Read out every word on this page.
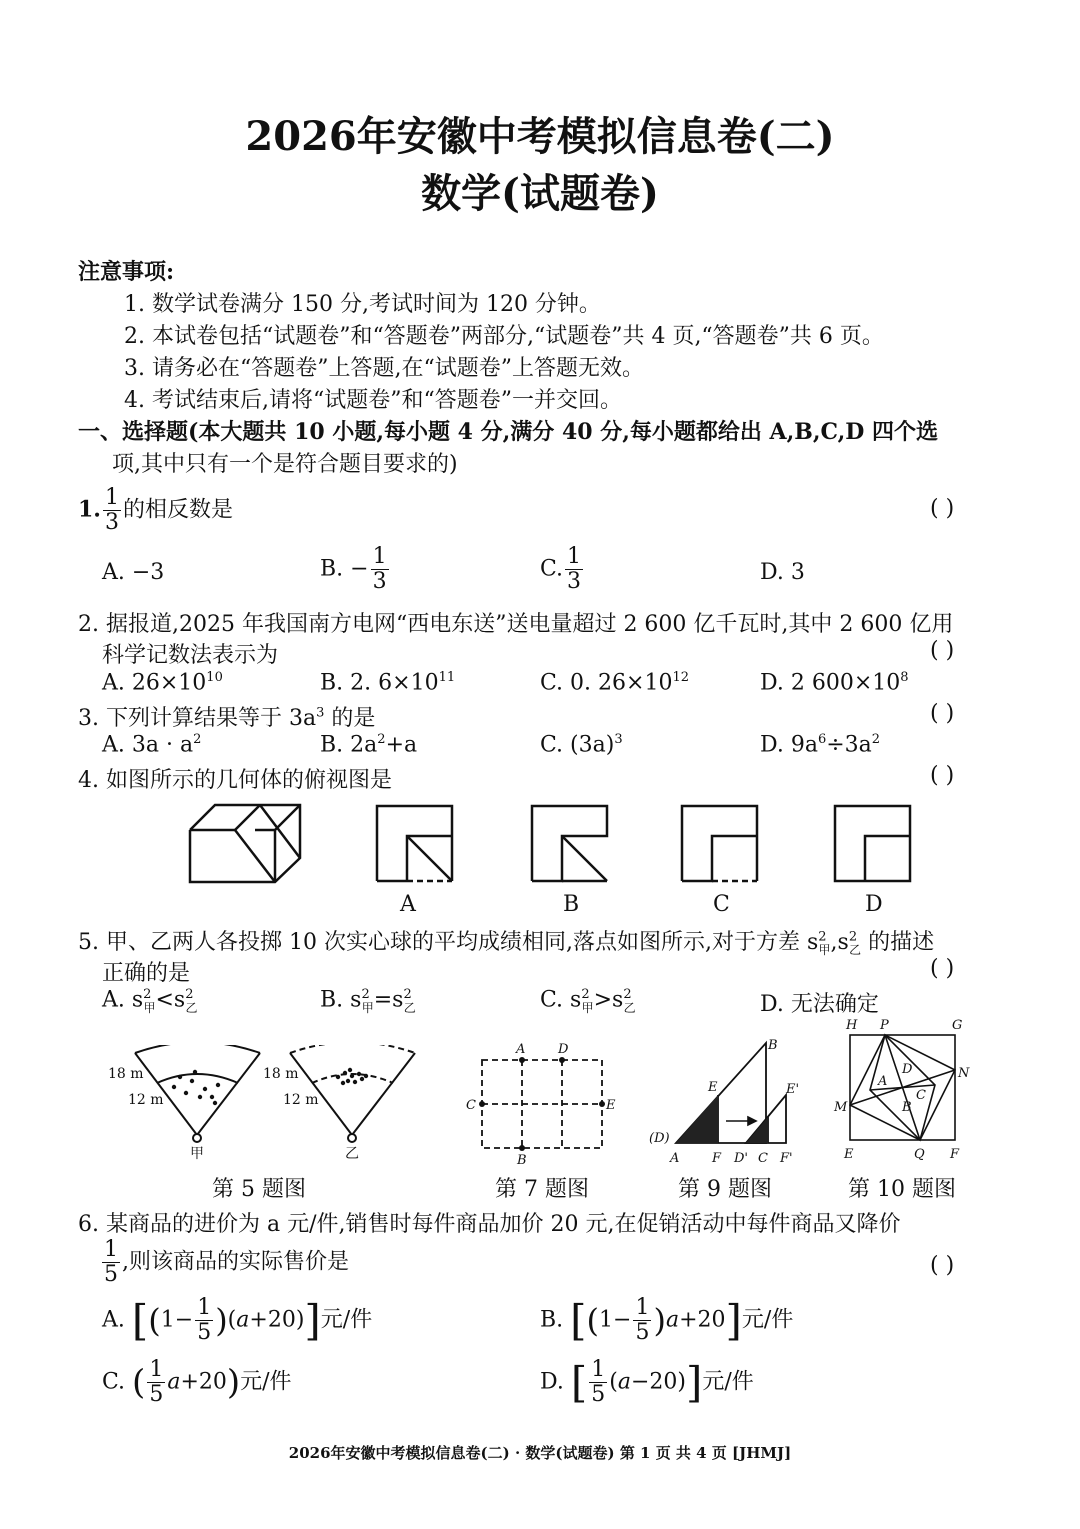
2026年安徽中考模拟信息卷(二)
数学(试题卷)
注意事项:
1. 数学试卷满分 150 分,考试时间为 120 分钟。
2. 本试卷包括“试题卷”和“答题卷”两部分,“试题卷”共 4 页,“答题卷”共 6 页。
3. 请务必在“答题卷”上答题,在“试题卷”上答题无效。
4. 考试结束后,请将“试题卷”和“答题卷”一并交回。
一、选择题(本大题共 10 小题,每小题 4 分,满分 40 分,每小题都给出 A,B,C,D 四个选
项,其中只有一个是符合题目要求的)
1. $\frac{1}{3}$ 的相反数是	( )
A. −3	B. − $\frac{1}{3}$	C. $\frac{1}{3}$	D. 3
2. 据报道,2025 年我国南方电网“西电东送”送电量超过 2 600 亿千瓦时,其中 2 600 亿用
科学记数法表示为	( )
A. $26\times 10^{10}$	B. 2. $6\times 10^{11}$	C. 0. $26\times 10^{12}$	D. 2 $600\times 10^8$
3. 下列计算结果等于 $3a^3$ 的是	( )
A. $3a \cdot a^2$	B. $2a^2+a$	C. $(3a)^3$	D. $9a^6\div 3a^2$
4. 如图所示的几何体的俯视图是	( )
A	B	C	D
5. 甲、乙两人各投掷 10 次实心球的平均成绩相同,落点如图所示,对于方差 $s^2_甲,s^2_乙$ 的描述
正确的是	( )
A. $s^2_甲<s^2_乙$	B. $s^2_甲=s^2_乙$	C. $s^2_甲>s^2_乙$	D. 无法确定
18 m
12 m
18 m
12 m
甲	乙
第 5 题图
A	D
C	E
B
第 7 题图
B
E	E'
(D)
A	F D' C F'
第 9 题图
H P	G
N
M
A
D
B
C
E	Q F
第 10 题图
6. 某商品的进价为 a 元/件,销售时每件商品加价 20 元,在促销活动中每件商品又降价
$\frac{1}{5}$ ,则该商品的实际售价是	( )
A. $[(1- \frac{1}{5} )(a+20)]$元/件	B. $[(1- \frac{1}{5} )a+20]$元/件
C. ( $\frac{1}{5} a+20$)元/件	D. [ $\frac{1}{5} (a-20)$]元/件
2026年安徽中考模拟信息卷(二) · 数学(试题卷) 第 1 页 共 4 页 [JHMJ]
